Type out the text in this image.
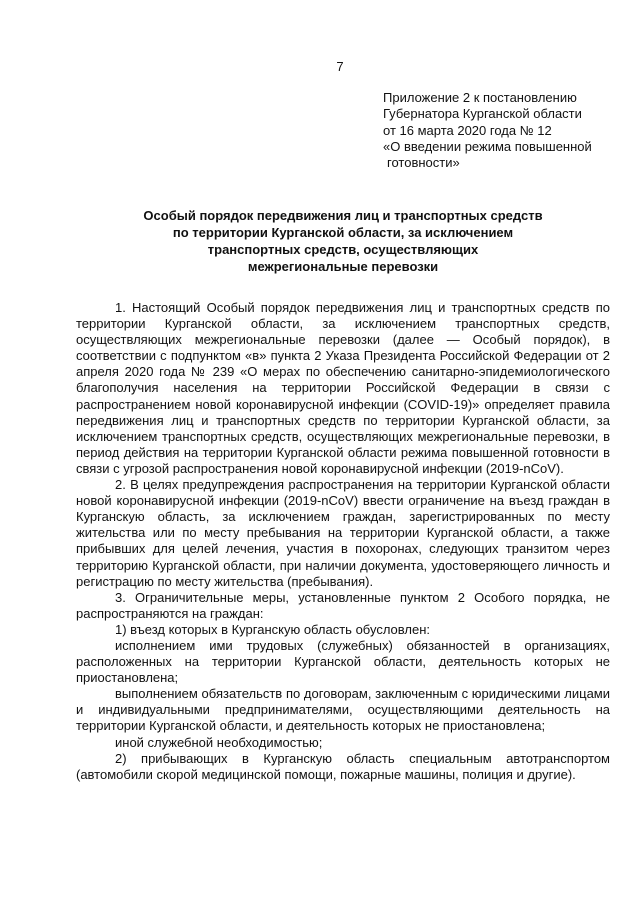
7
Приложение 2 к постановлению
Губернатора Курганской области
от 16 марта 2020 года № 12
«О введении режима повышенной
готовности»
Особый порядок передвижения лиц и транспортных средств
по территории Курганской области, за исключением
транспортных средств, осуществляющих
межрегиональные перевозки

1. Настоящий Особый порядок передвижения лиц и транспортных средств по территории Курганской области, за исключением транспортных средств, осуществляющих межрегиональные перевозки (далее — Особый порядок), в соответствии с подпунктом «в» пункта 2 Указа Президента Российской Федерации от 2 апреля 2020 года № 239 «О мерах по обеспечению санитарно-эпидемиологического благополучия населения на территории Российской Федерации в связи с распространением новой коронавирусной инфекции (COVID-19)» определяет правила передвижения лиц и транспортных средств по территории Курганской области, за исключением транспортных средств, осуществляющих межрегиональные перевозки, в период действия на территории Курганской области режима повышенной готовности в связи с угрозой распространения новой коронавирусной инфекции (2019-nCoV).

2. В целях предупреждения распространения на территории Курганской области новой коронавирусной инфекции (2019-nCoV) ввести ограничение на въезд граждан в Курганскую область, за исключением граждан, зарегистрированных по месту жительства или по месту пребывания на территории Курганской области, а также прибывших для целей лечения, участия в похоронах, следующих транзитом через территорию Курганской области, при наличии документа, удостоверяющего личность и регистрацию по месту жительства (пребывания).

3. Ограничительные меры, установленные пунктом 2 Особого порядка, не распространяются на граждан:

1) въезд которых в Курганскую область обусловлен:

исполнением ими трудовых (служебных) обязанностей в организациях, расположенных на территории Курганской области, деятельность которых не приостановлена;

выполнением обязательств по договорам, заключенным с юридическими лицами и индивидуальными предпринимателями, осуществляющими деятельность на территории Курганской области, и деятельность которых не приостановлена;

иной служебной необходимостью;

2) прибывающих в Курганскую область специальным автотранспортом (автомобили скорой медицинской помощи, пожарные машины, полиция и другие).
